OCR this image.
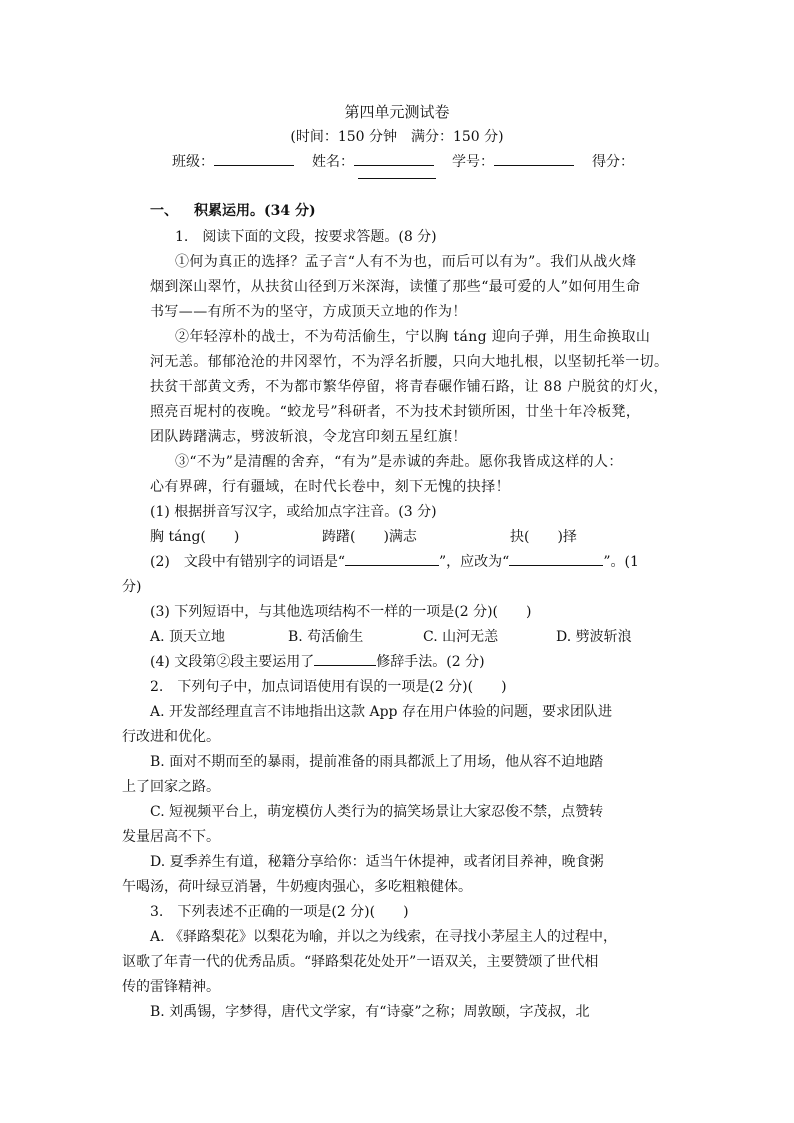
第四单元测试卷
(时间：150 分钟　满分：150 分)
班级：	姓名：	学号：	得分：
一、 积累运用。(34 分)
1.　阅读下面的文段，按要求答题。(8 分)
①何为真正的选择？孟子言“人有不为也，而后可以有为”。我们从战火烽
烟到深山翠竹，从扶贫山径到万米深海，读懂了那些“最可爱的人”如何用生命
书写——有所不为的坚守，方成顶天立地的作为！
②年轻淳朴的战士，不为苟活偷生，宁以胸 táng 迎向子弹，用生命换取山
河无恙。郁郁沧沧的井冈翠竹，不为浮名折腰，只向大地扎根，以坚韧托举一切。
扶贫干部黄文秀，不为都市繁华停留，将青春碾作铺石路，让 88 户脱贫的灯火，
照亮百坭村的夜晚。“蛟龙号”科研者，不为技术封锁所困，廿坐十年冷板凳，
团队踌躇满志，劈波斩浪，令龙宫印刻五星红旗！
③“不为”是清醒的舍弃，“有为”是赤诚的奔赴。愿你我皆成这样的人：
心有界碑，行有疆域，在时代长卷中，刻下无愧的抉择！
(1) 根据拼音写汉字，或给加点字注音。(3 分)
胸 táng(　　)	踌躇(　　)满志	抉(　　)择
(2)　文段中有错别字的词语是“	”，应改为“	”。(1
分)
(3) 下列短语中，与其他选项结构不一样的一项是(2 分)(　　)
A. 顶天立地	B. 苟活偷生	C. 山河无恙	D. 劈波斩浪
(4) 文段第②段主要运用了	修辞手法。(2 分)
2.　下列句子中，加点词语使用有误的一项是(2 分)(　　)
A. 开发部经理直言不讳地指出这款 App 存在用户体验的问题，要求团队进
行改进和优化。
B. 面对不期而至的暴雨，提前准备的雨具都派上了用场，他从容不迫地踏
上了回家之路。
C. 短视频平台上，萌宠模仿人类行为的搞笑场景让大家忍俊不禁，点赞转
发量居高不下。
D. 夏季养生有道，秘籍分享给你：适当午休提神，或者闭目养神，晚食粥
午喝汤，荷叶绿豆消暑，牛奶瘦肉强心，多吃粗粮健体。
3.　下列表述不正确的一项是(2 分)(　　)
A. 《驿路梨花》以梨花为喻，并以之为线索，在寻找小茅屋主人的过程中，
讴歌了年青一代的优秀品质。“驿路梨花处处开”一语双关，主要赞颂了世代相
传的雷锋精神。
B. 刘禹锡，字梦得，唐代文学家，有“诗豪”之称；周敦颐，字茂叔，北
